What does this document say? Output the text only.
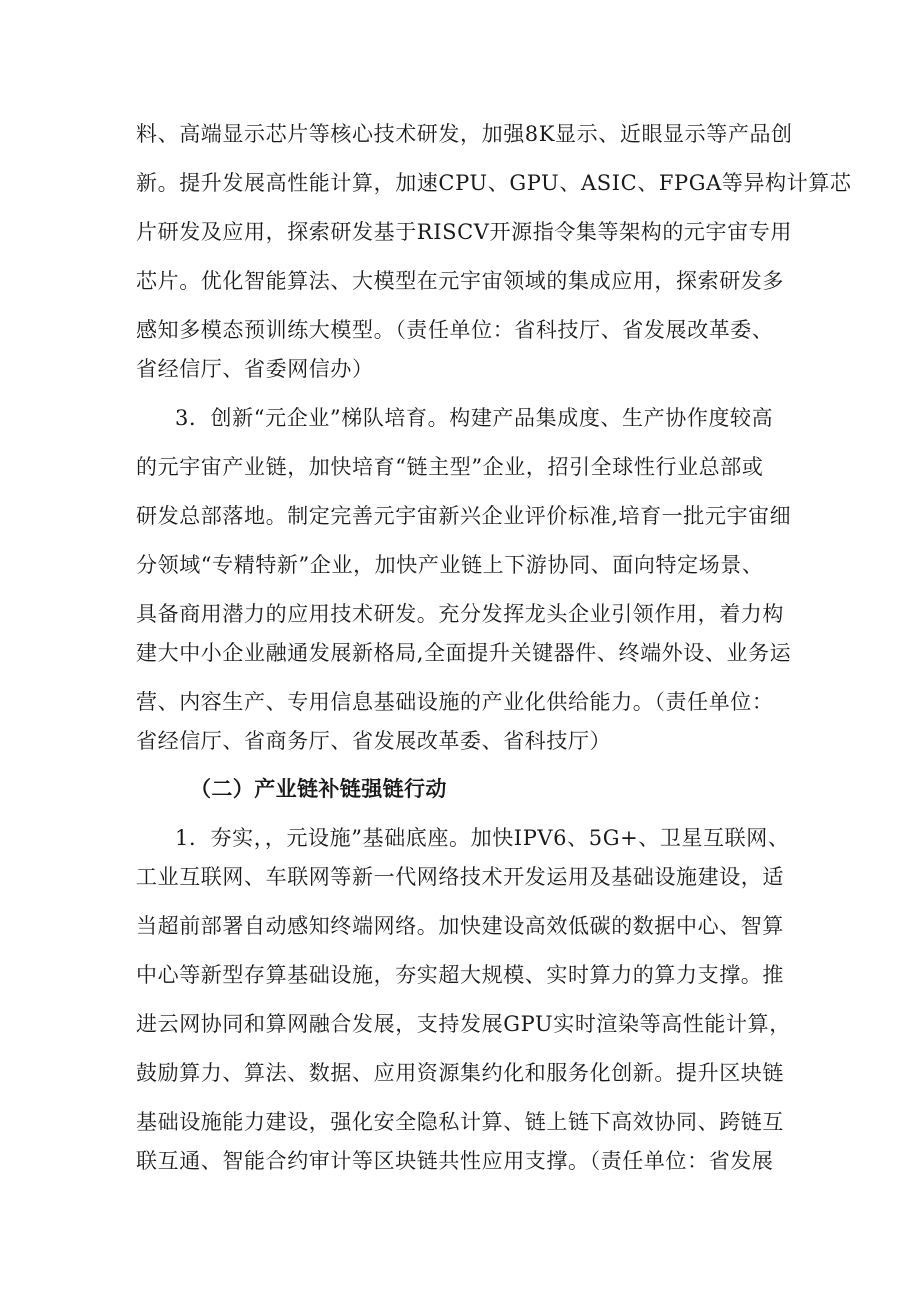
料、高端显示芯片等核心技术研发，加强8K显示、近眼显示等产品创
新。提升发展高性能计算，加速CPU、GPU、ASIC、FPGA等异构计算芯
片研发及应用，探索研发基于RISCV开源指令集等架构的元宇宙专用
芯片。优化智能算法、大模型在元宇宙领域的集成应用，探索研发多
感知多模态预训练大模型。（责任单位：省科技厅、省发展改革委、
省经信厅、省委网信办）
3．创新“元企业”梯队培育。构建产品集成度、生产协作度较高
的元宇宙产业链，加快培育“链主型”企业，招引全球性行业总部或
研发总部落地。制定完善元宇宙新兴企业评价标准,培育一批元宇宙细
分领域“专精特新”企业，加快产业链上下游协同、面向特定场景、
具备商用潜力的应用技术研发。充分发挥龙头企业引领作用，着力构
建大中小企业融通发展新格局,全面提升关键器件、终端外设、业务运
营、内容生产、专用信息基础设施的产业化供给能力。（责任单位：
省经信厅、省商务厅、省发展改革委、省科技厅）
（二）产业链补链强链行动
1．夯实，，元设施”基础底座。加快IPV6、5G+、卫星互联网、
工业互联网、车联网等新一代网络技术开发运用及基础设施建设，适
当超前部署自动感知终端网络。加快建设高效低碳的数据中心、智算
中心等新型存算基础设施，夯实超大规模、实时算力的算力支撑。推
进云网协同和算网融合发展，支持发展GPU实时渲染等高性能计算，
鼓励算力、算法、数据、应用资源集约化和服务化创新。提升区块链
基础设施能力建设，强化安全隐私计算、链上链下高效协同、跨链互
联互通、智能合约审计等区块链共性应用支撑。（责任单位：省发展
